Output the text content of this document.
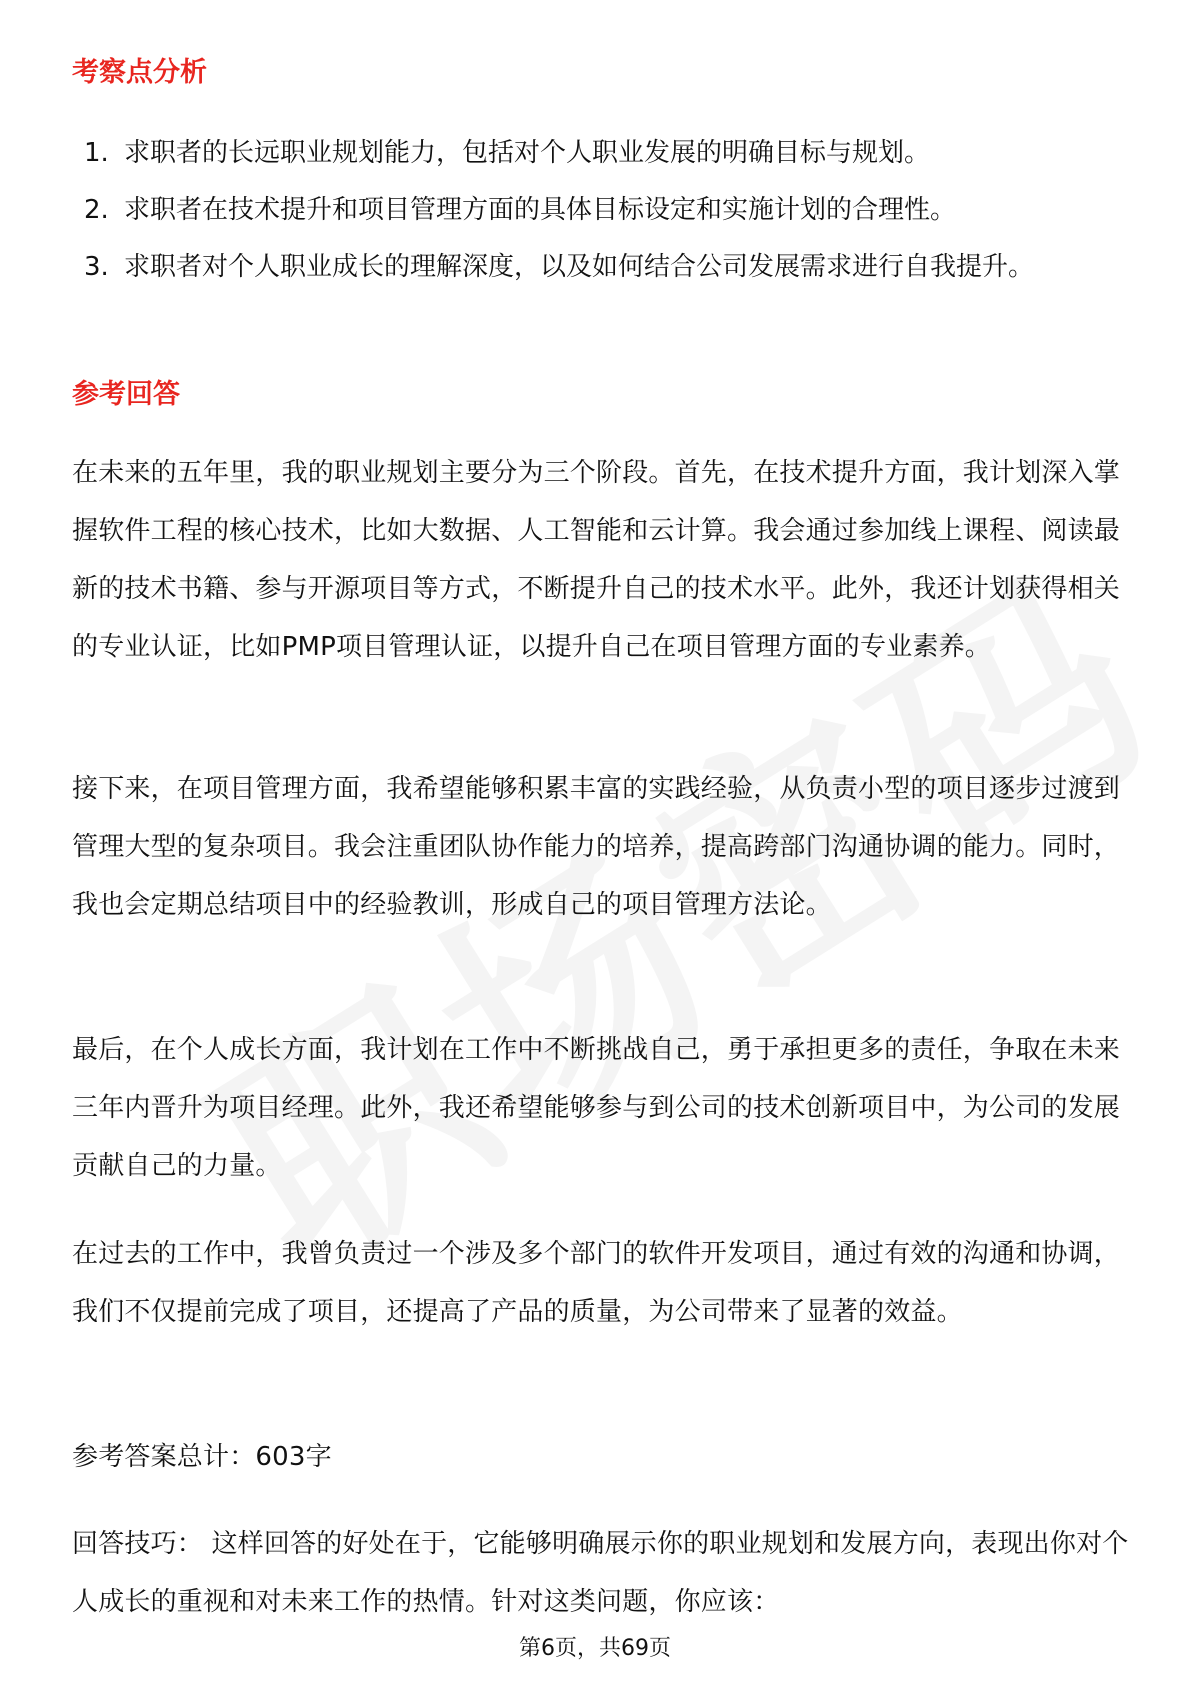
考察点分析
1. 求职者的长远职业规划能力，包括对个人职业发展的明确目标与规划。
2. 求职者在技术提升和项目管理方面的具体目标设定和实施计划的合理性。
3. 求职者对个人职业成长的理解深度，以及如何结合公司发展需求进行自我提升。
参考回答

在未来的五年里，我的职业规划主要分为三个阶段。首先，在技术提升方面，我计划深入掌握软件工程的核心技术，比如大数据、人工智能和云计算。我会通过参加线上课程、阅读最新的技术书籍、参与开源项目等方式，不断提升自己的技术水平。此外，我还计划获得相关的专业认证，比如PMP项目管理认证，以提升自己在项目管理方面的专业素养。

接下来，在项目管理方面，我希望能够积累丰富的实践经验，从负责小型的项目逐步过渡到管理大型的复杂项目。我会注重团队协作能力的培养，提高跨部门沟通协调的能力。同时，我也会定期总结项目中的经验教训，形成自己的项目管理方法论。

最后，在个人成长方面，我计划在工作中不断挑战自己，勇于承担更多的责任，争取在未来三年内晋升为项目经理。此外，我还希望能够参与到公司的技术创新项目中，为公司的发展贡献自己的力量。

在过去的工作中，我曾负责过一个涉及多个部门的软件开发项目，通过有效的沟通和协调，我们不仅提前完成了项目，还提高了产品的质量，为公司带来了显著的效益。

参考答案总计：603字

回答技巧： 这样回答的好处在于，它能够明确展示你的职业规划和发展方向，表现出你对个人成长的重视和对未来工作的热情。针对这类问题，你应该：

第6页，共69页
